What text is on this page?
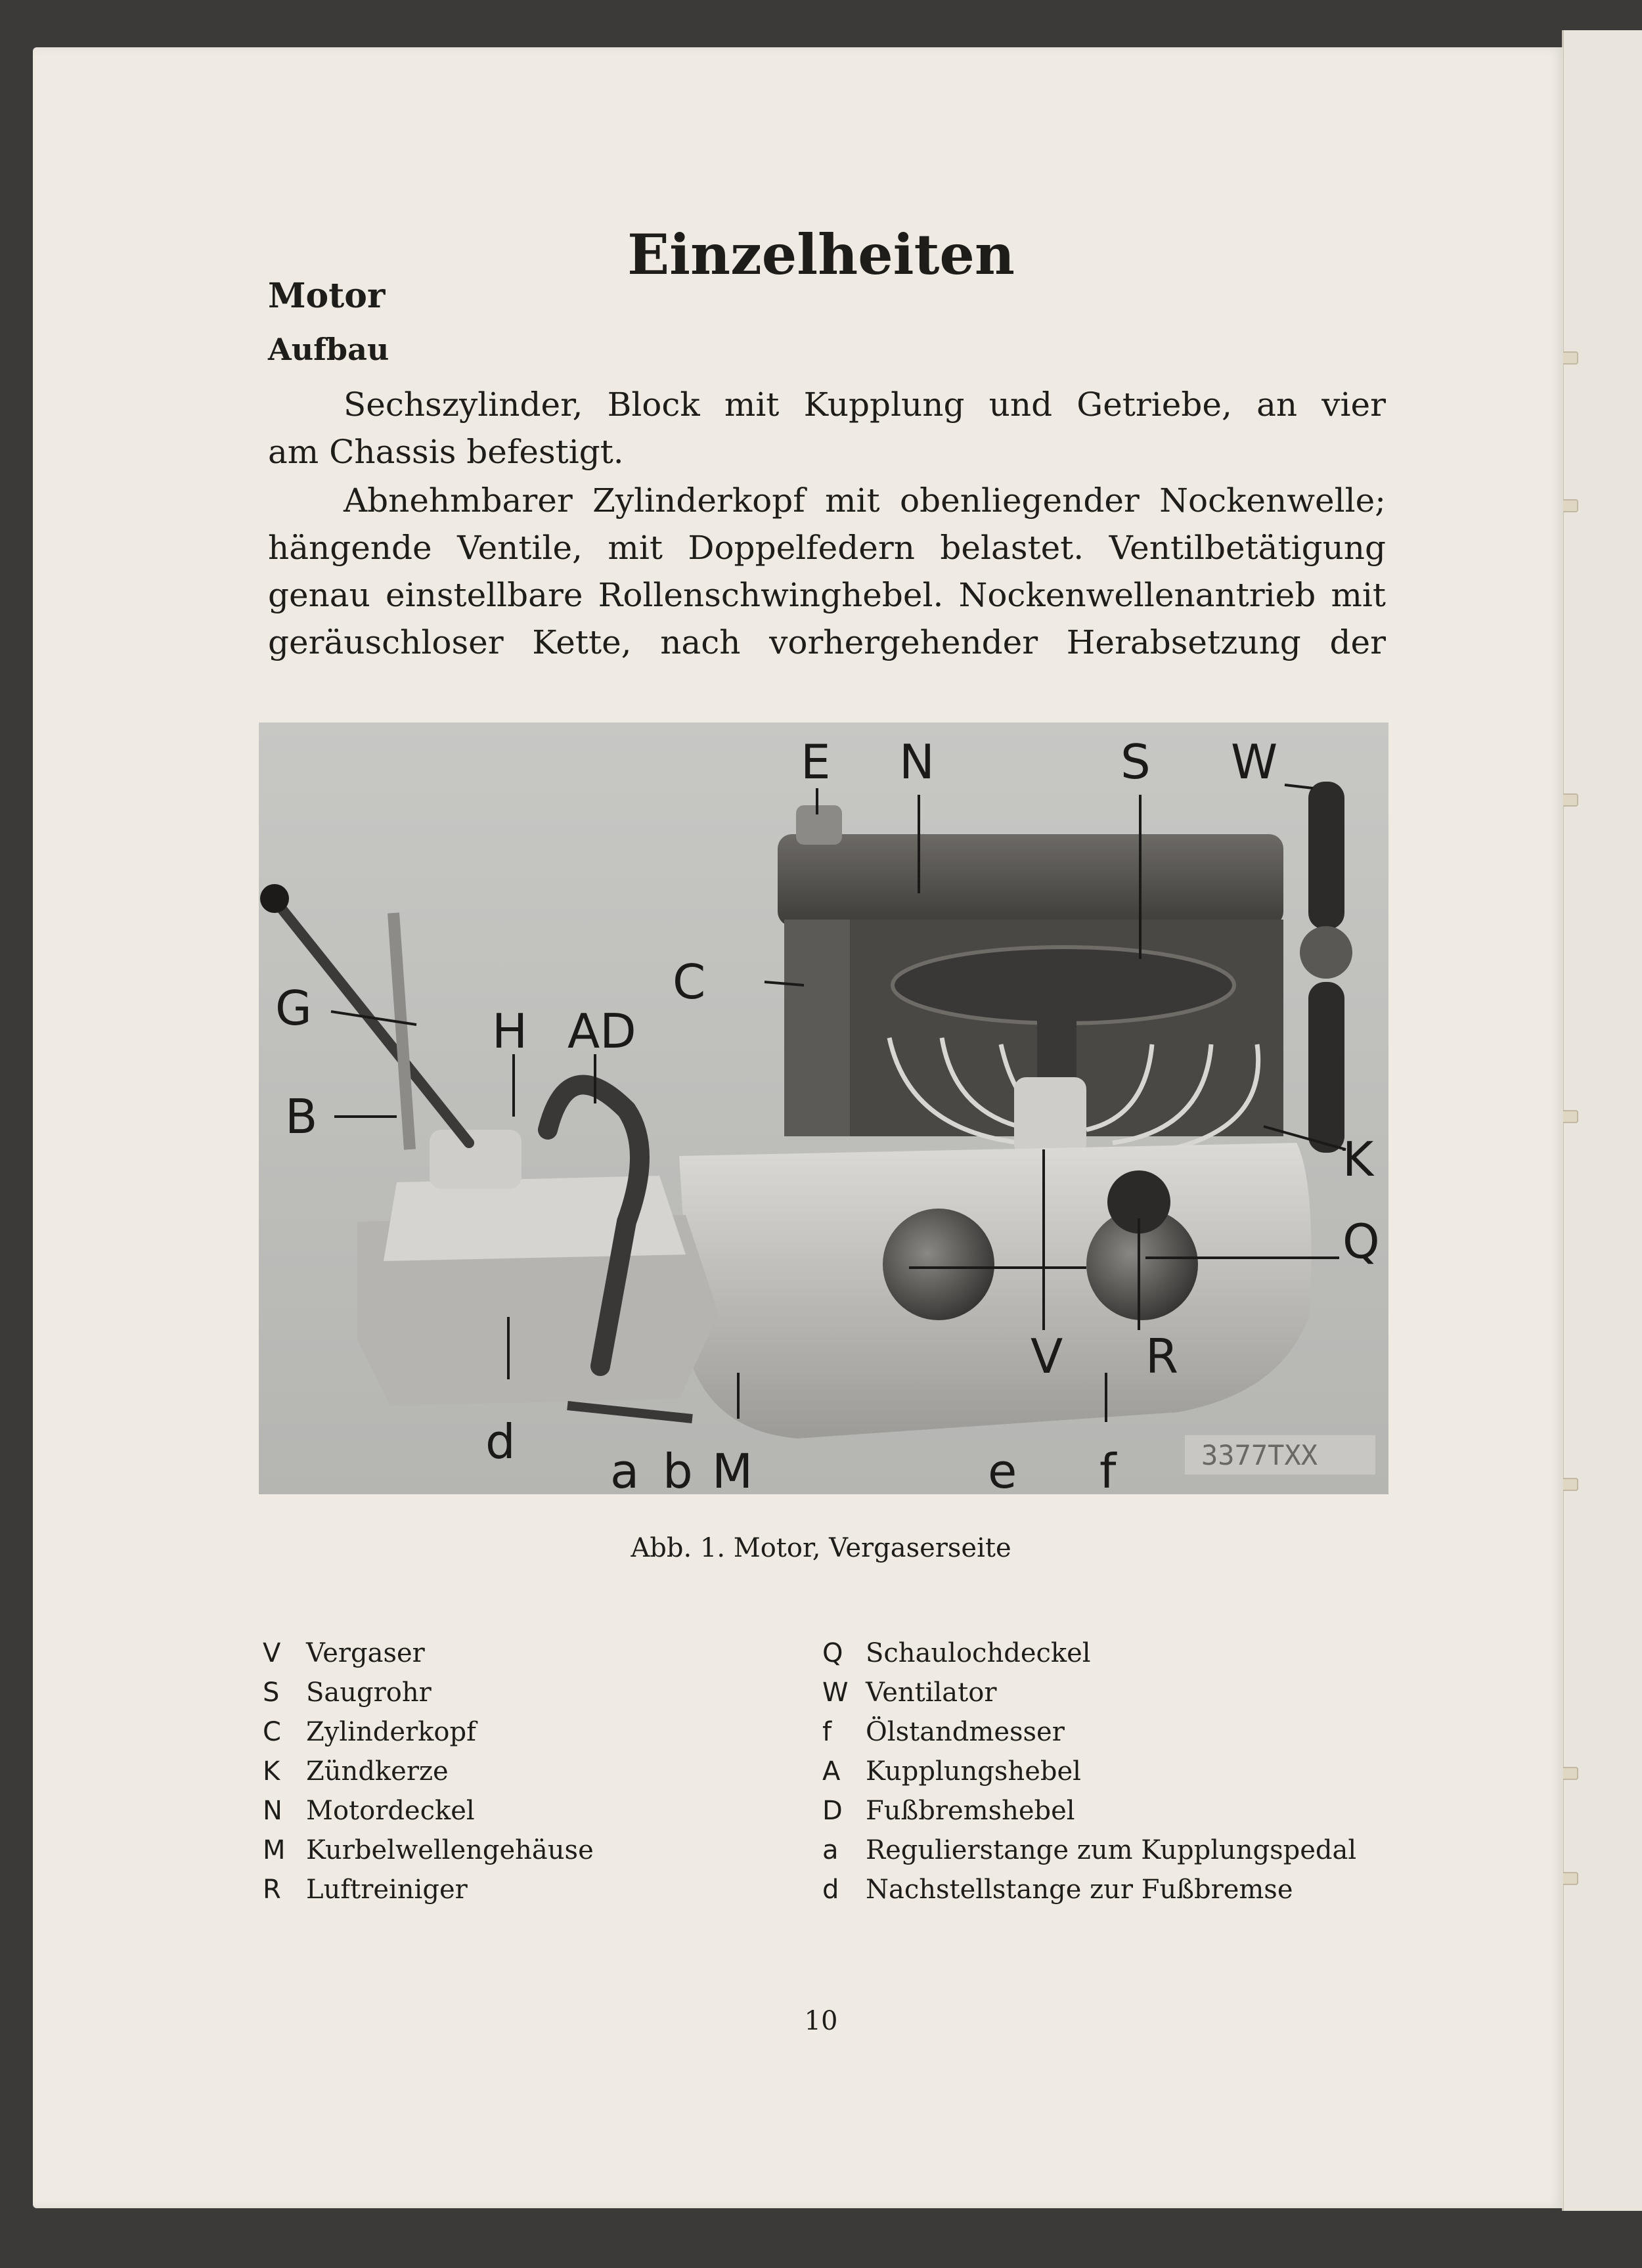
Einzelheiten
Motor
Aufbau
Sechszylinder, Block mit Kupplung und Getriebe, an vier
am Chassis befestigt.
Abnehmbarer Zylinderkopf mit obenliegender Nockenwelle;
hängende Ventile, mit Doppelfedern belastet. Ventilbetätigung
genau einstellbare Rollenschwinghebel. Nockenwellenantrieb mit
geräuschloser Kette, nach vorhergehender Herabsetzung der
E N	S W
C
G	H AD
B
K
Q
V R
d
a b M	e f	3377TXX
Abb. 1. Motor, Vergaserseite
V Vergaser
S	Saugrohr
C Zylinderkopf
K Zündkerze
N Motordeckel
M Kurbelwellengehäuse
R Luftreiniger
Q Schaulochdeckel
W Ventilator
f	Ölstandmesser
A Kupplungshebel
D Fußbremshebel
a	Regulierstange zum Kupplungspedal
d	Nachstellstange zur Fußbremse
10
